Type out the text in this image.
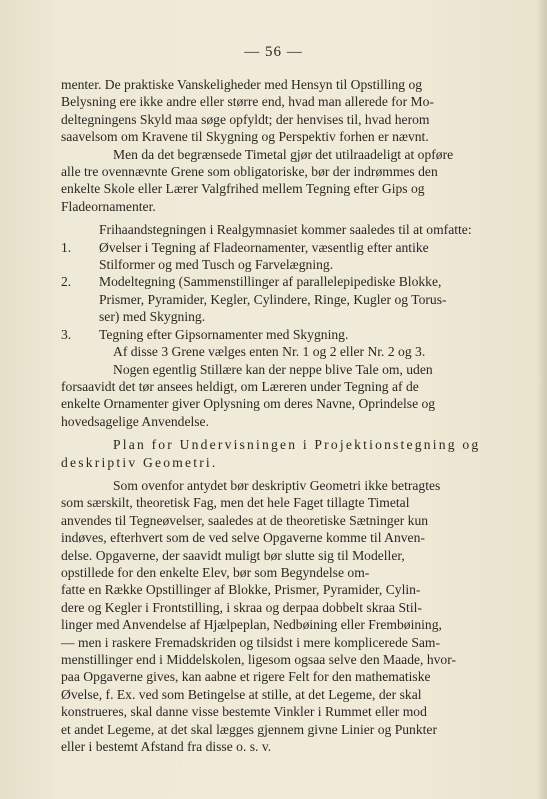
— 56 —
menter. De praktiske Vanskeligheder med Hensyn til Opstilling og
Belysning ere ikke andre eller større end, hvad man allerede for Mo-
deltegningens Skyld maa søge opfyldt; der henvises til, hvad herom
saavelsom om Kravene til Skygning og Perspektiv forhen er nævnt.
Men da det begrænsede Timetal gjør det utilraadeligt at opføre
alle tre ovennævnte Grene som obligatoriske, bør der indrømmes den
enkelte Skole eller Lærer Valgfrihed mellem Tegning efter Gips og
Fladeornamenter.
Frihaandstegningen i Realgymnasiet kommer saaledes til at omfatte:
1. Øvelser i Tegning af Fladeornamenter, væsentlig efter antike
Stilformer og med Tusch og Farvelægning.
2. Modeltegning (Sammenstillinger af parallelepipediske Blokke,
Prismer, Pyramider, Kegler, Cylindere, Ringe, Kugler og Torus-
ser) med Skygning.
3. Tegning efter Gipsornamenter med Skygning.
Af disse 3 Grene vælges enten Nr. 1 og 2 eller Nr. 2 og 3.
Nogen egentlig Stillære kan der neppe blive Tale om, uden
forsaavidt det tør ansees heldigt, om Læreren under Tegning af de
enkelte Ornamenter giver Oplysning om deres Navne, Oprindelse og
hovedsagelige Anvendelse.
Plan for Undervisningen i Projektionstegning og
deskriptiv Geometri.
Som ovenfor antydet bør deskriptiv Geometri ikke betragtes
som særskilt, theoretisk Fag, men det hele Faget tillagte Timetal
anvendes til Tegneøvelser, saaledes at de theoretiske Sætninger kun
indøves, efterhvert som de ved selve Opgaverne komme til Anven-
delse. Opgaverne, der saavidt muligt bør slutte sig til Modeller,
opstillede for den enkelte Elev, bør som Begyndelse om-
fatte en Række Opstillinger af Blokke, Prismer, Pyramider, Cylin-
dere og Kegler i Frontstilling, i skraa og derpaa dobbelt skraa Stil-
linger med Anvendelse af Hjælpeplan, Nedbøining eller Frembøining,
— men i raskere Fremadskriden og tilsidst i mere komplicerede Sam-
menstillinger end i Middelskolen, ligesom ogsaa selve den Maade, hvor-
paa Opgaverne gives, kan aabne et rigere Felt for den mathematiske
Øvelse, f. Ex. ved som Betingelse at stille, at det Legeme, der skal
konstrueres, skal danne visse bestemte Vinkler i Rummet eller mod
et andet Legeme, at det skal lægges gjennem givne Linier og Punkter
eller i bestemt Afstand fra disse o. s. v.
